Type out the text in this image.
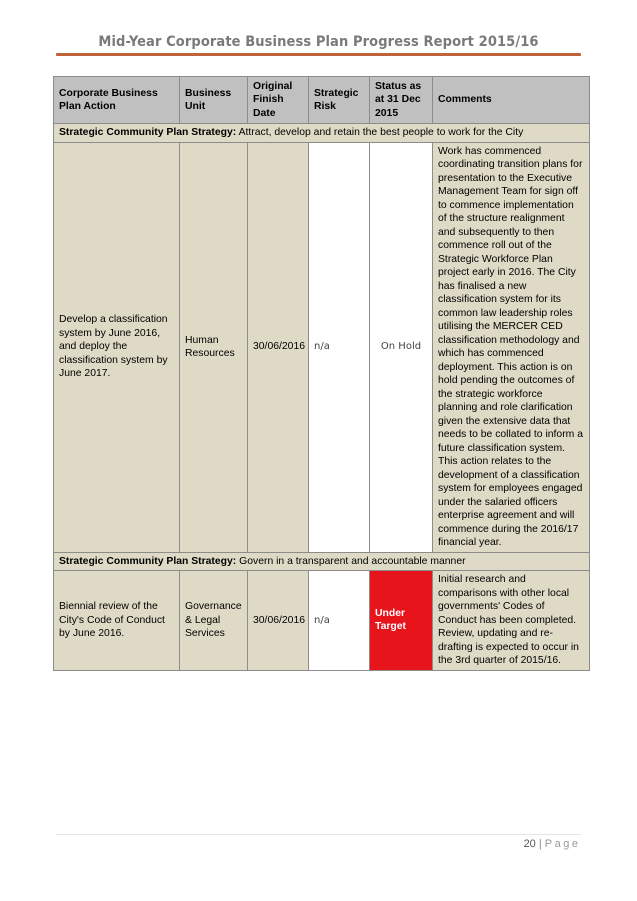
Mid-Year Corporate Business Plan Progress Report 2015/16
Corporate Business Plan Action	Business Unit	Original Finish Date	Strategic Risk	Status as at 31 Dec 2015	Comments
Strategic Community Plan Strategy: Attract, develop and retain the best people to work for the City					
Develop a classification system by June 2016, and deploy the classification system by June 2017.	Human Resources	30/06/2016	n/a	On Hold	Work has commenced coordinating transition plans for presentation to the Executive Management Team for sign off to commence implementation of the structure realignment and subsequently to then commence roll out of the Strategic Workforce Plan project early in 2016. The City has finalised a new classification system for its common law leadership roles utilising the MERCER CED classification methodology and which has commenced deployment. This action is on hold pending the outcomes of the strategic workforce planning and role clarification given the extensive data that needs to be collated to inform a future classification system. This action relates to the development of a classification system for employees engaged under the salaried officers enterprise agreement and will commence during the 2016/17 financial year.
Strategic Community Plan Strategy: Govern in a transparent and accountable manner					
Biennial review of the City's Code of Conduct by June 2016.	Governance & Legal Services	30/06/2016	n/a	Under Target	Initial research and comparisons with other local governments' Codes of Conduct has been completed. Review, updating and re-drafting is expected to occur in the 3rd quarter of 2015/16.
20 | Page
